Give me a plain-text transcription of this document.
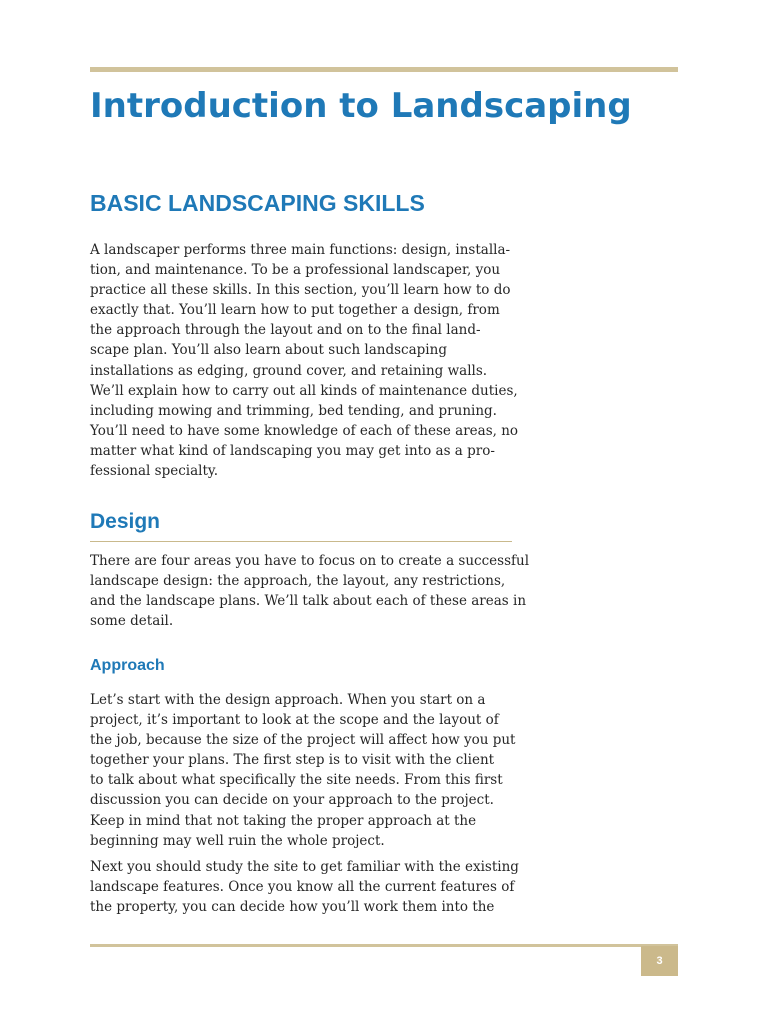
Introduction to Landscaping
BASIC LANDSCAPING SKILLS

A landscaper performs three main functions: design, installa-
tion, and maintenance. To be a professional landscaper, you
practice all these skills. In this section, you’ll learn how to do
exactly that. You’ll learn how to put together a design, from
the approach through the layout and on to the final land-
scape plan. You’ll also learn about such landscaping
installations as edging, ground cover, and retaining walls.
We’ll explain how to carry out all kinds of maintenance duties,
including mowing and trimming, bed tending, and pruning.
You’ll need to have some knowledge of each of these areas, no
matter what kind of landscaping you may get into as a pro-
fessional specialty.

Design

There are four areas you have to focus on to create a successful
landscape design: the approach, the layout, any restrictions,
and the landscape plans. We’ll talk about each of these areas in
some detail.

Approach

Let’s start with the design approach. When you start on a
project, it’s important to look at the scope and the layout of
the job, because the size of the project will affect how you put
together your plans. The first step is to visit with the client
to talk about what specifically the site needs. From this first
discussion you can decide on your approach to the project.
Keep in mind that not taking the proper approach at the
beginning may well ruin the whole project.

Next you should study the site to get familiar with the existing
landscape features. Once you know all the current features of
the property, you can decide how you’ll work them into the

3
